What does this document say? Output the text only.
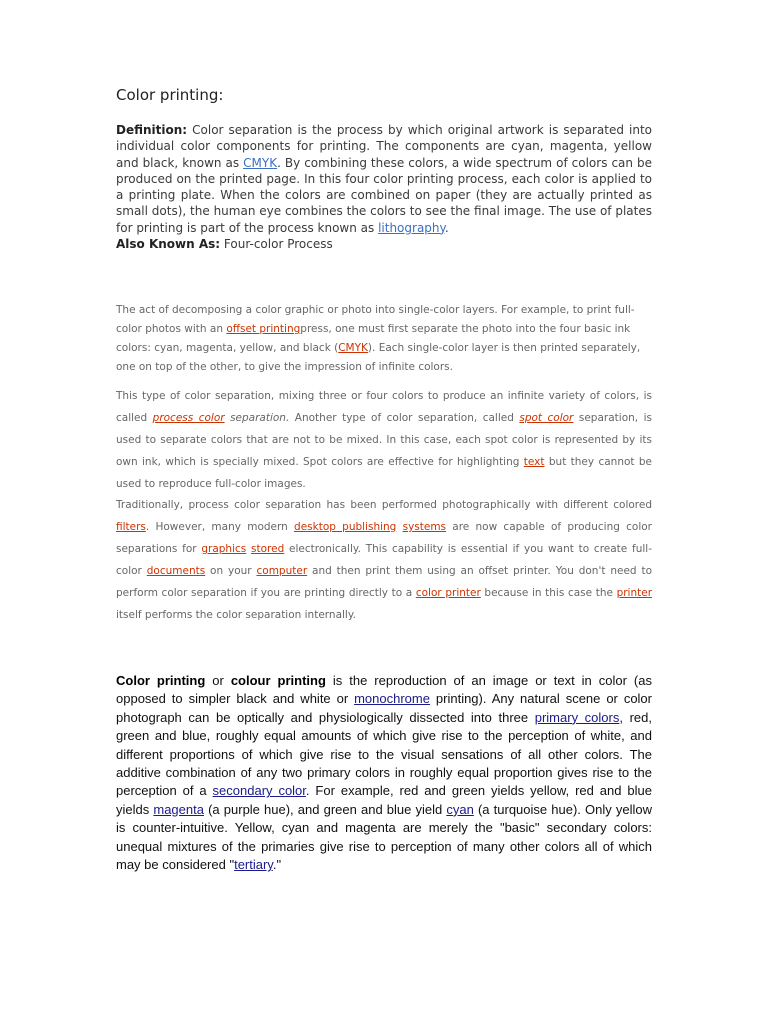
Color printing:
Definition: Color separation is the process by which original artwork is separated into individual color components for printing. The components are cyan, magenta, yellow and black, known as CMYK. By combining these colors, a wide spectrum of colors can be produced on the printed page. In this four color printing process, each color is applied to a printing plate. When the colors are combined on paper (they are actually printed as small dots), the human eye combines the colors to see the final image. The use of plates for printing is part of the process known as lithography.
Also Known As: Four-color Process
The act of decomposing a color graphic or photo into single-color layers. For example, to print full-color photos with an offset printingpress, one must first separate the photo into the four basic ink colors: cyan, magenta, yellow, and black (CMYK). Each single-color layer is then printed separately, one on top of the other, to give the impression of infinite colors.
This type of color separation, mixing three or four colors to produce an infinite variety of colors, is called process color separation. Another type of color separation, called spot color separation, is used to separate colors that are not to be mixed. In this case, each spot color is represented by its own ink, which is specially mixed. Spot colors are effective for highlighting text but they cannot be used to reproduce full-color images.
Traditionally, process color separation has been performed photographically with different colored filters. However, many modern desktop publishing systems are now capable of producing color separations for graphics stored electronically. This capability is essential if you want to create full-color documents on your computer and then print them using an offset printer. You don't need to perform color separation if you are printing directly to a color printer because in this case the printer itself performs the color separation internally.
Color printing or colour printing is the reproduction of an image or text in color (as opposed to simpler black and white or monochrome printing). Any natural scene or color photograph can be optically and physiologically dissected into three primary colors, red, green and blue, roughly equal amounts of which give rise to the perception of white, and different proportions of which give rise to the visual sensations of all other colors. The additive combination of any two primary colors in roughly equal proportion gives rise to the perception of a secondary color. For example, red and green yields yellow, red and blue yields magenta (a purple hue), and green and blue yield cyan (a turquoise hue). Only yellow is counter-intuitive. Yellow, cyan and magenta are merely the "basic" secondary colors: unequal mixtures of the primaries give rise to perception of many other colors all of which may be considered "tertiary."
